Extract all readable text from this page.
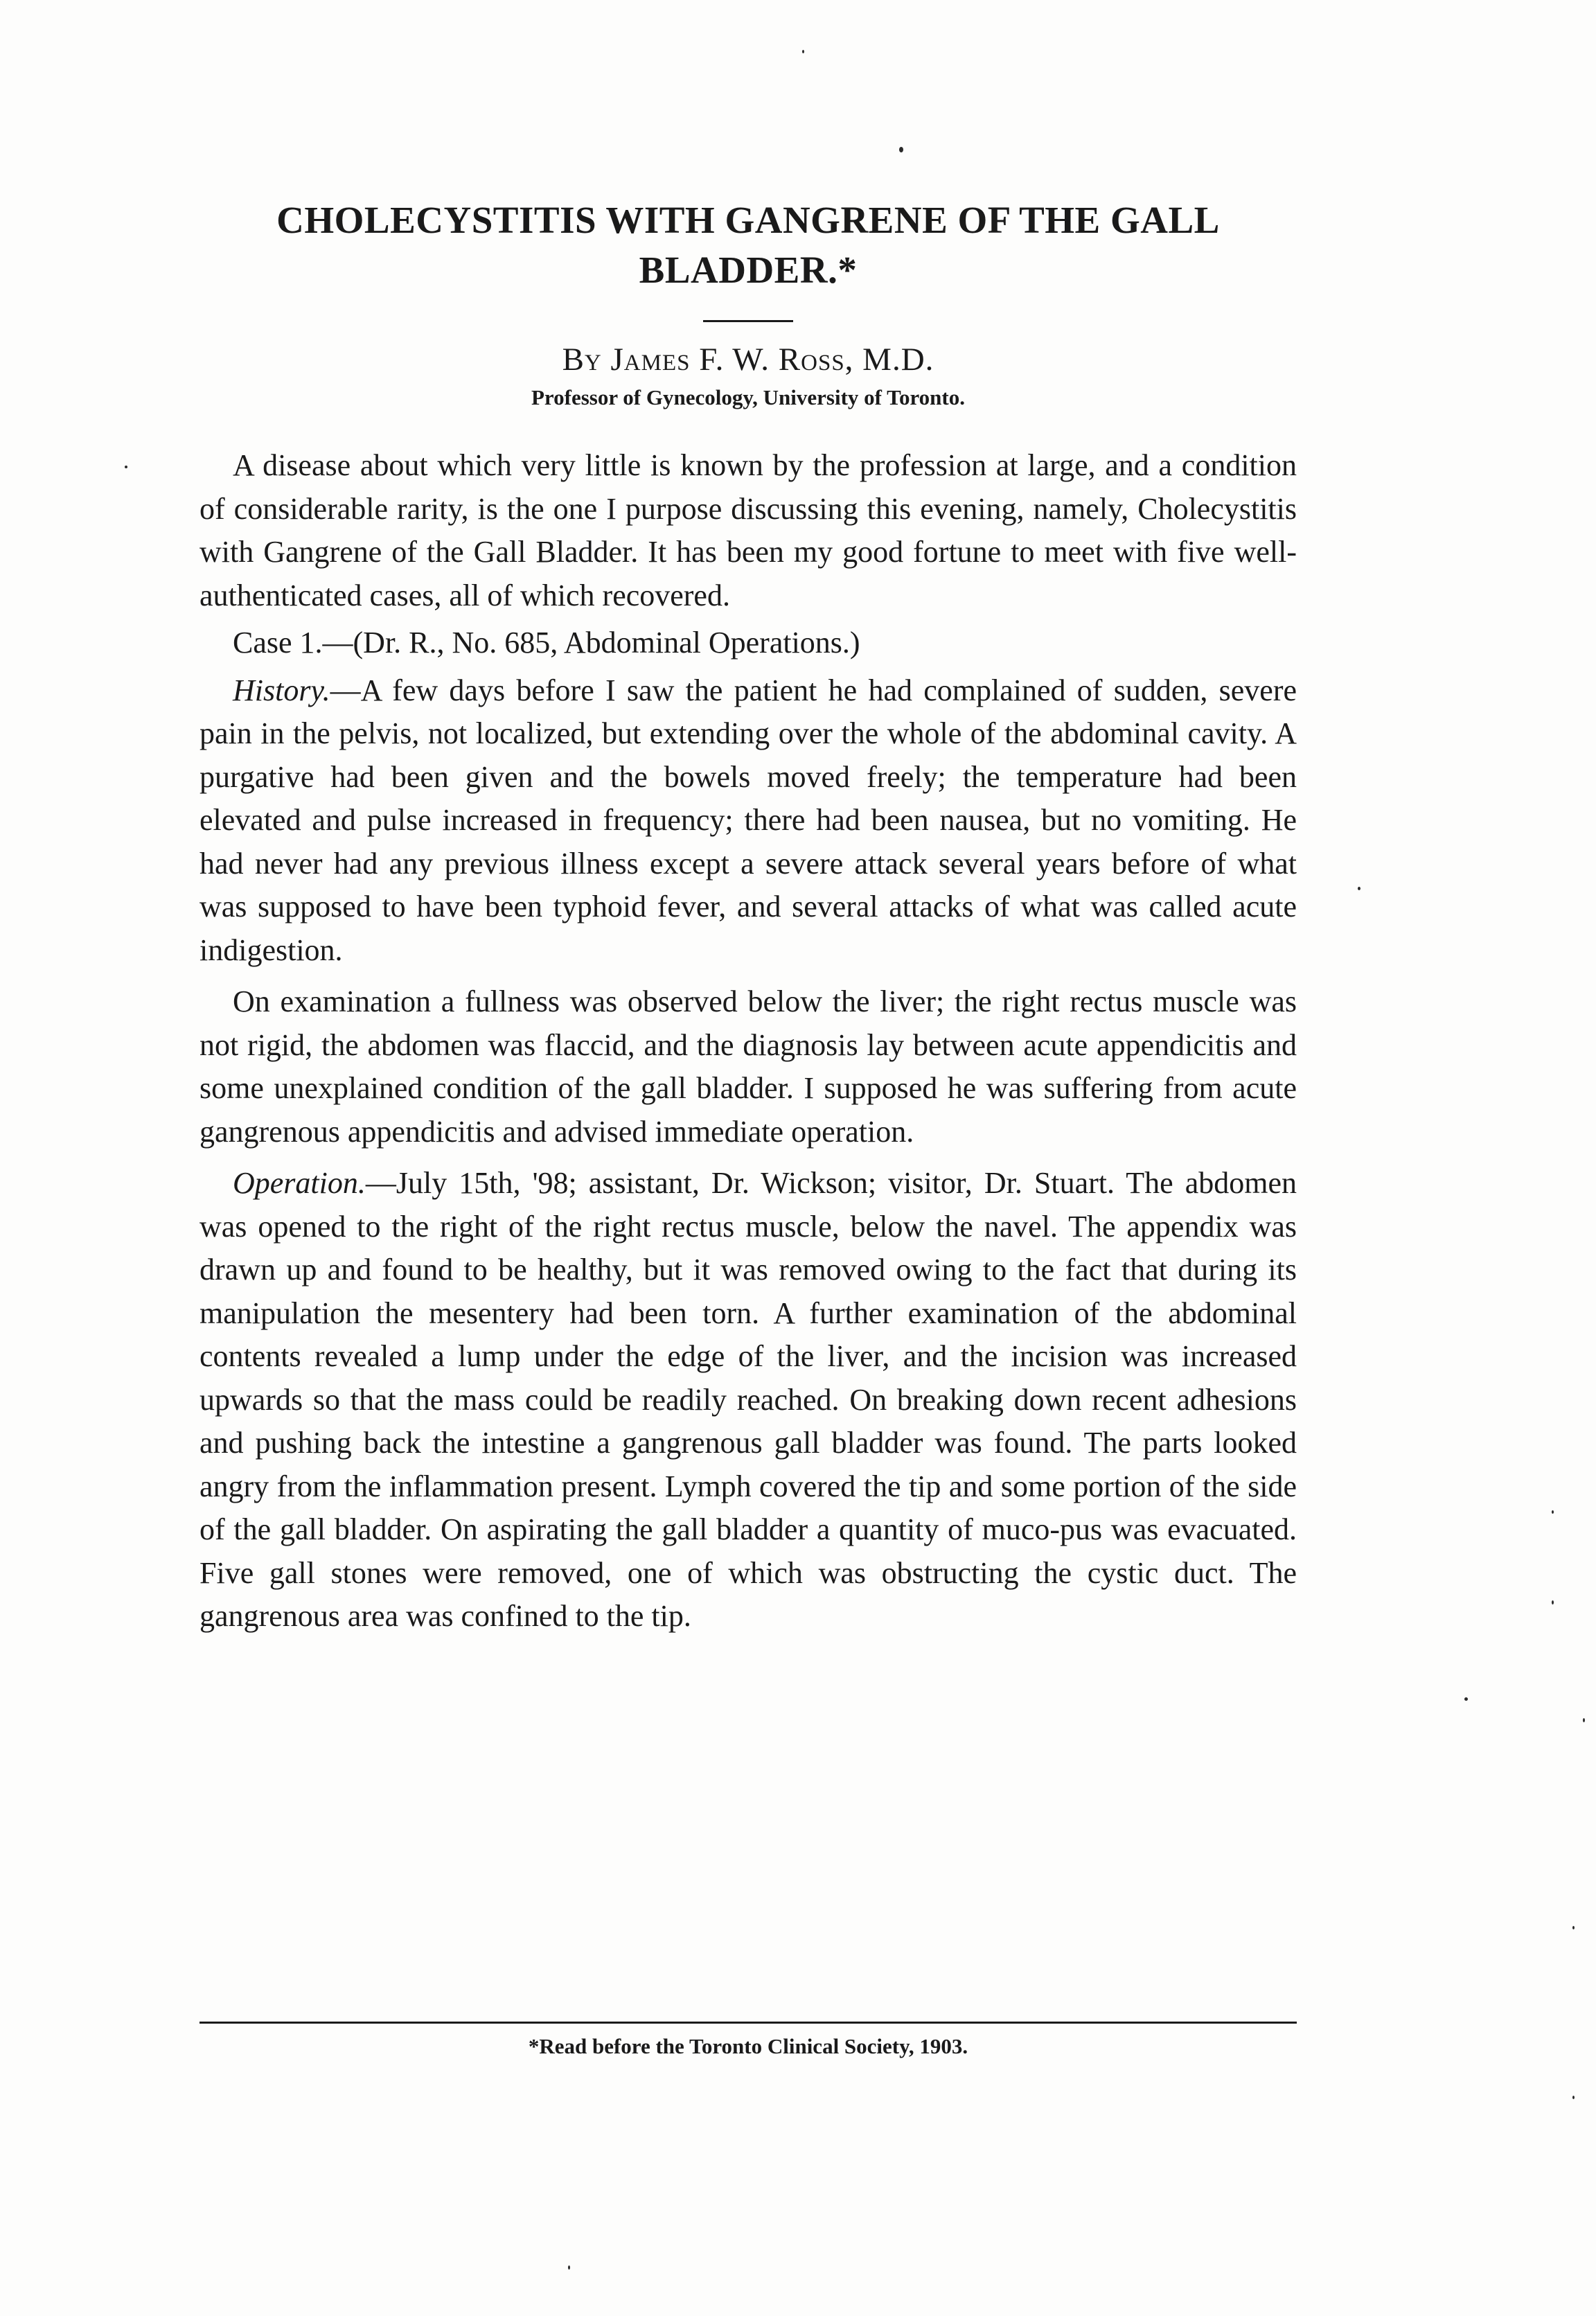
CHOLECYSTITIS WITH GANGRENE OF THE GALL
BLADDER.*

By James F. W. Ross, M.D.

Professor of Gynecology, University of Toronto.

A disease about which very little is known by the profession at large, and a condition of considerable rarity, is the one I purpose discussing this evening, namely, Cholecystitis with Gangrene of the Gall Bladder. It has been my good fortune to meet with five well-authenticated cases, all of which recovered.

Case 1.—(Dr. R., No. 685, Abdominal Operations.)

History.—A few days before I saw the patient he had complained of sudden, severe pain in the pelvis, not localized, but extending over the whole of the abdominal cavity. A purgative had been given and the bowels moved freely; the temperature had been elevated and pulse increased in frequency; there had been nausea, but no vomiting. He had never had any previous illness except a severe attack several years before of what was supposed to have been typhoid fever, and several attacks of what was called acute indigestion.

On examination a fullness was observed below the liver; the right rectus muscle was not rigid, the abdomen was flaccid, and the diagnosis lay between acute appendicitis and some unexplained condition of the gall bladder. I supposed he was suffering from acute gangrenous appendicitis and advised immediate operation.

Operation.—July 15th, '98; assistant, Dr. Wickson; visitor, Dr. Stuart. The abdomen was opened to the right of the right rectus muscle, below the navel. The appendix was drawn up and found to be healthy, but it was removed owing to the fact that during its manipulation the mesentery had been torn. A further examination of the abdominal contents revealed a lump under the edge of the liver, and the incision was increased upwards so that the mass could be readily reached. On breaking down recent adhesions and pushing back the intestine a gangrenous gall bladder was found. The parts looked angry from the inflammation present. Lymph covered the tip and some portion of the side of the gall bladder. On aspirating the gall bladder a quantity of muco-pus was evacuated. Five gall stones were removed, one of which was obstructing the cystic duct. The gangrenous area was confined to the tip.

*Read before the Toronto Clinical Society, 1903.
